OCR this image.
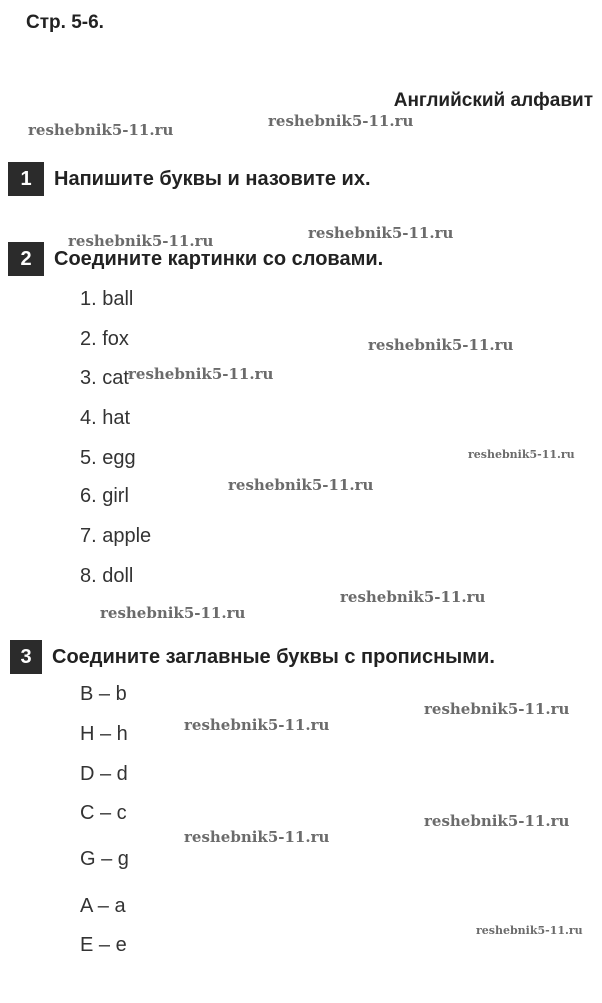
Стр. 5-6.
Английский алфавит
1	Напишите буквы и назовите их.
2	Соедините картинки со словами.
1. ball
2. fox
3. cat
4. hat
5. egg
6. girl
7. apple
8. doll
3	Соедините заглавные буквы с прописными.
B – b
H – h
D – d
C – c
G – g
A – a
E – e
reshebnik5-11.ru	reshebnik5-11.ru
reshebnik5-11.ru	reshebnik5-11.ru
reshebnik5-11.ru
reshebnik5-11.ru
reshebnik5-11.ru
reshebnik5-11.ru
reshebnik5-11.ru
reshebnik5-11.ru
reshebnik5-11.ru
reshebnik5-11.ru
reshebnik5-11.ru
reshebnik5-11.ru
reshebnik5-11.ru
